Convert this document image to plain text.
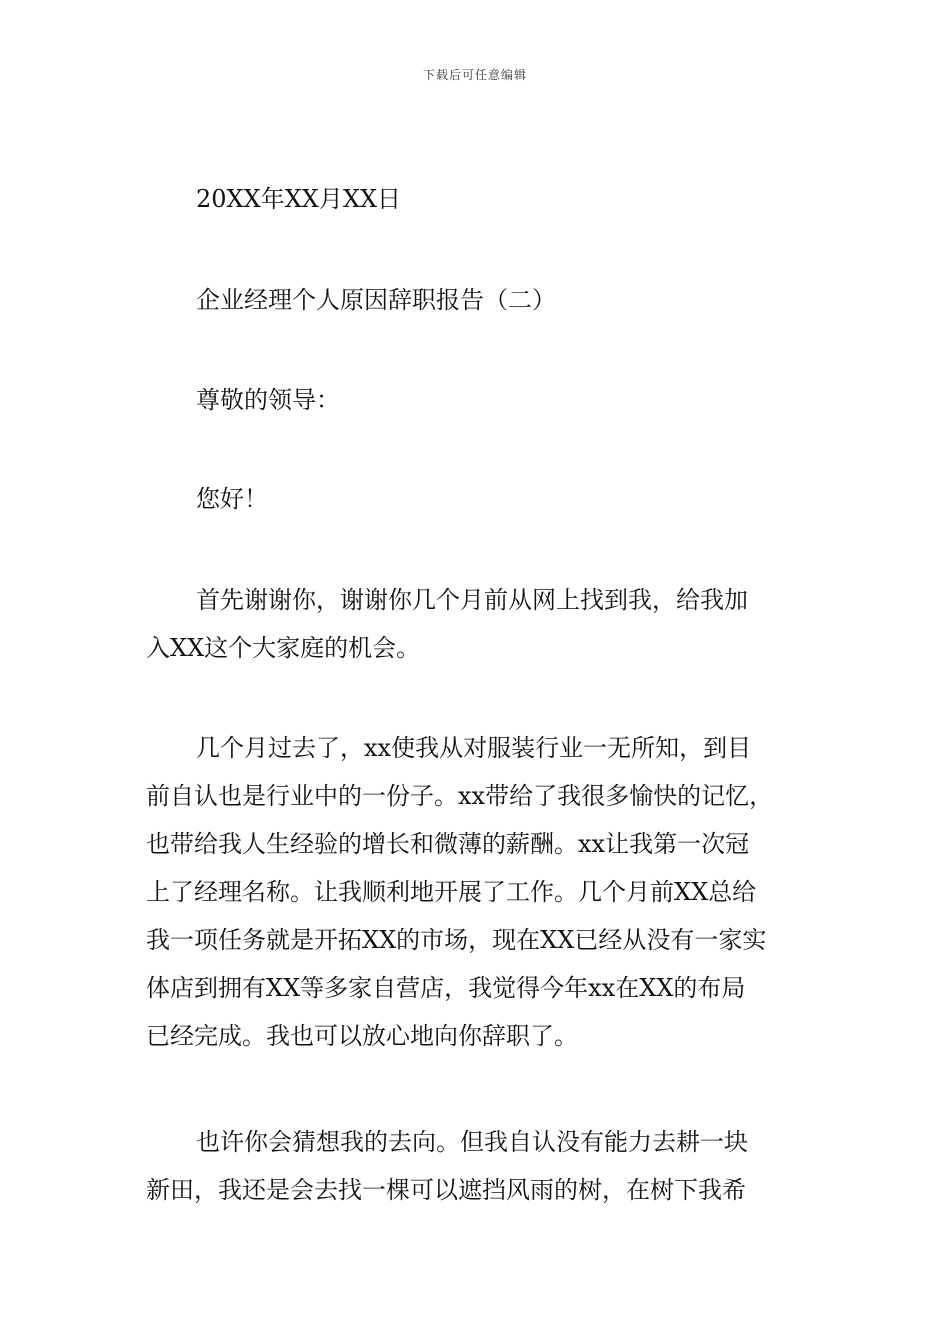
下载后可任意编辑
20XX年XX月XX日
企业经理个人原因辞职报告（二）
尊敬的领导：
您好！
首先谢谢你，谢谢你几个月前从网上找到我，给我加
入XX这个大家庭的机会。
几个月过去了，xx使我从对服装行业一无所知，到目
前自认也是行业中的一份子。xx带给了我很多愉快的记忆，
也带给我人生经验的增长和微薄的薪酬。xx让我第一次冠
上了经理名称。让我顺利地开展了工作。几个月前XX总给
我一项任务就是开拓XX的市场，现在XX已经从没有一家实
体店到拥有XX等多家自营店，我觉得今年xx在XX的布局
已经完成。我也可以放心地向你辞职了。
也许你会猜想我的去向。但我自认没有能力去耕一块
新田，我还是会去找一棵可以遮挡风雨的树，在树下我希
